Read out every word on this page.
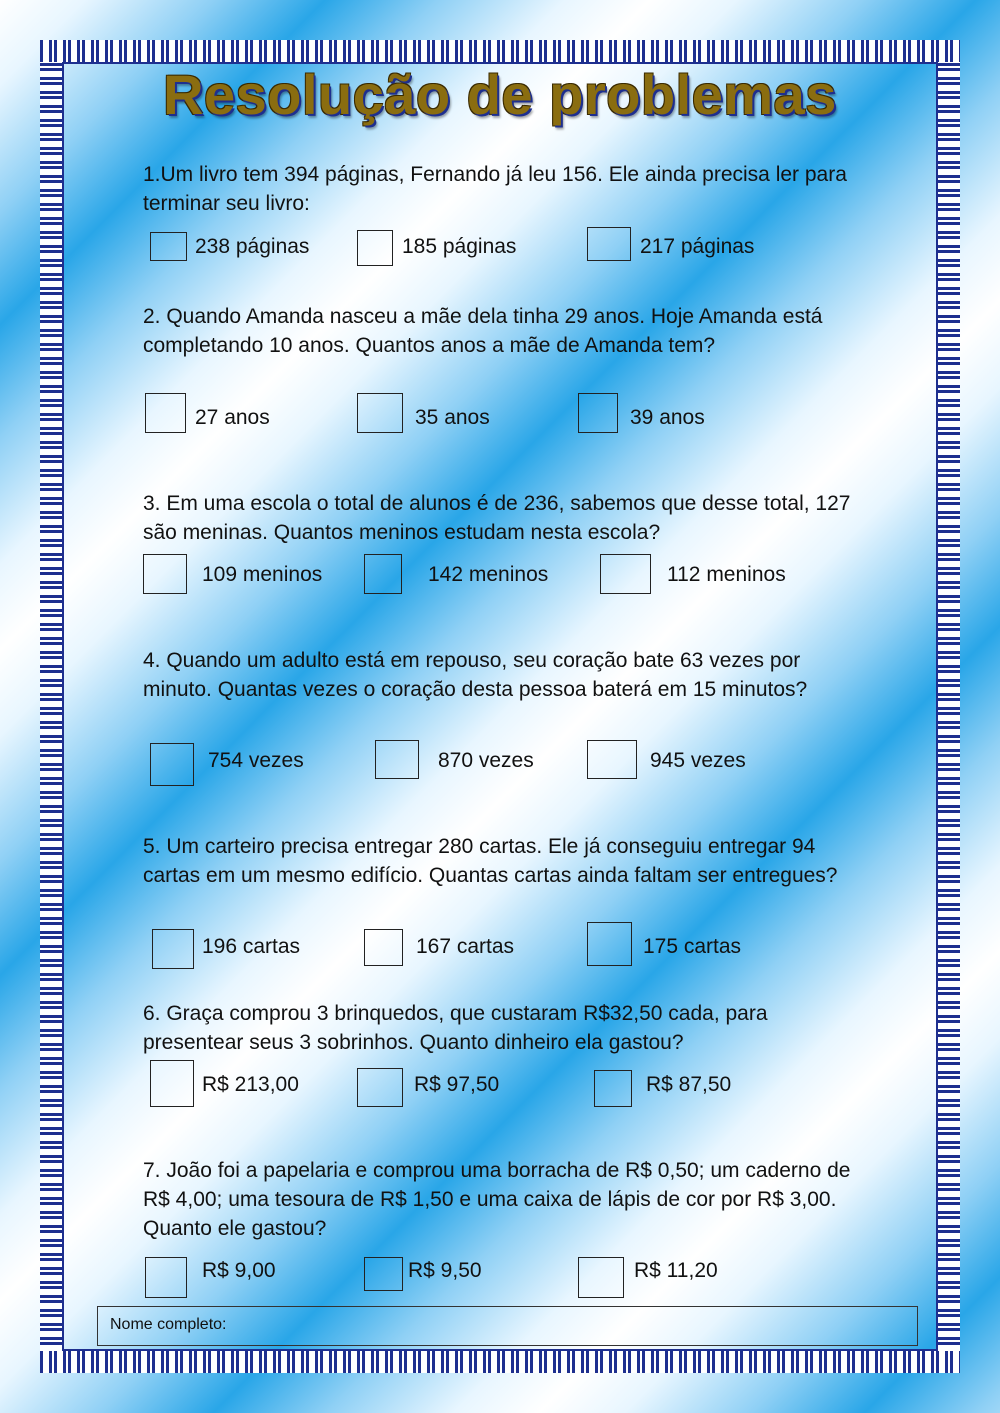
Resolução de problemas
1.Um livro tem 394 páginas, Fernando já leu 156. Ele ainda precisa ler para terminar seu livro:
238 páginas	185 páginas	217 páginas
2. Quando Amanda nasceu a mãe dela tinha 29 anos. Hoje Amanda está completando 10 anos. Quantos anos a mãe de Amanda tem?
27 anos	35 anos	39 anos
3. Em uma escola o total de alunos é de 236, sabemos que desse total, 127 são meninas. Quantos meninos estudam nesta escola?
109 meninos	142 meninos	112 meninos
4. Quando um adulto está em repouso, seu coração bate 63 vezes por minuto. Quantas vezes o coração desta pessoa baterá em 15 minutos?
754 vezes	870 vezes	945 vezes
5. Um carteiro precisa entregar 280 cartas. Ele já conseguiu entregar 94 cartas em um mesmo edifício. Quantas cartas ainda faltam ser entregues?
196 cartas	167 cartas	175 cartas
6. Graça comprou 3 brinquedos, que custaram R$32,50 cada, para presentear seus 3 sobrinhos. Quanto dinheiro ela gastou?
R$ 213,00	R$ 97,50	R$ 87,50
7. João foi a papelaria e comprou uma borracha de R$ 0,50; um caderno de R$ 4,00; uma tesoura de R$ 1,50 e uma caixa de lápis de cor por R$ 3,00. Quanto ele gastou?
R$ 9,00	R$ 9,50	R$ 11,20
Nome completo:
